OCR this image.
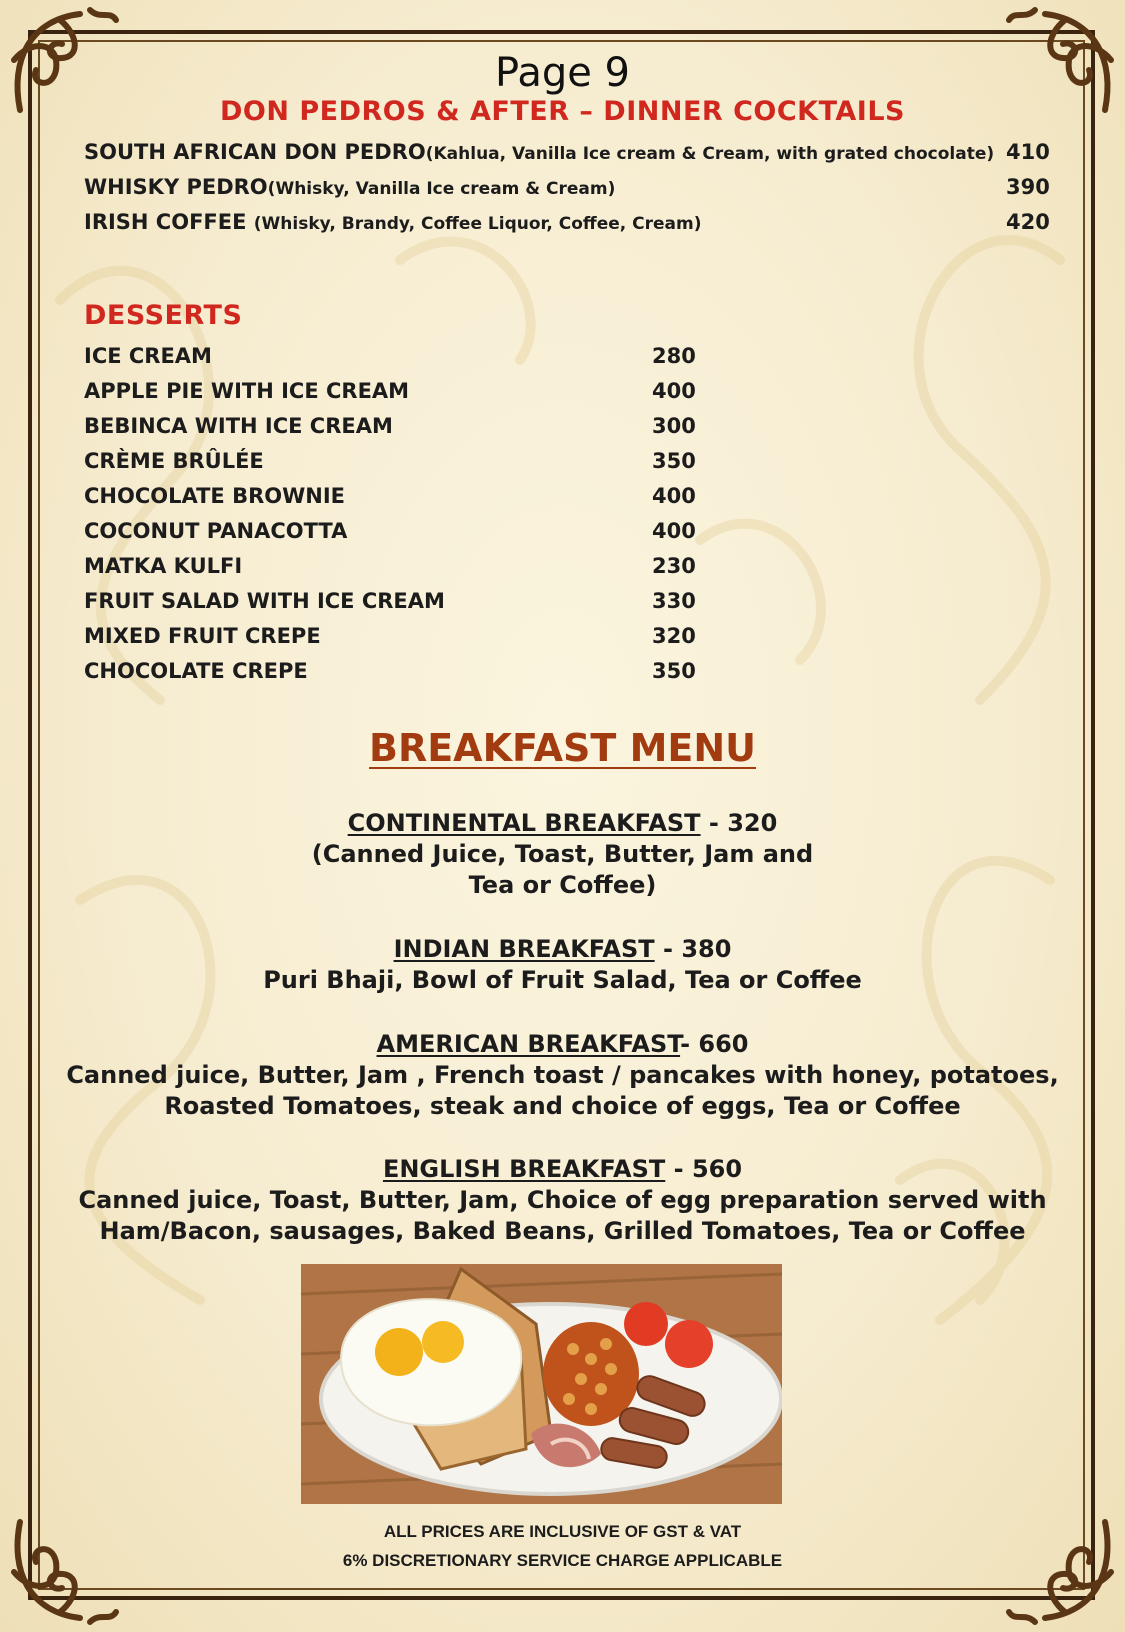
Page 9
DON PEDROS & AFTER – DINNER COCKTAILS
SOUTH AFRICAN DON PEDRO(Kahlua, Vanilla Ice cream & Cream, with grated chocolate) 410
WHISKY PEDRO(Whisky, Vanilla Ice cream & Cream)	390
IRISH COFFEE (Whisky, Brandy, Coffee Liquor, Coffee, Cream)	420
DESSERTS
ICE CREAM	280
APPLE PIE WITH ICE CREAM	400
BEBINCA WITH ICE CREAM	300
CRÈME BRÛLÉE	350
CHOCOLATE BROWNIE	400
COCONUT PANACOTTA	400
MATKA KULFI	230
FRUIT SALAD WITH ICE CREAM	330
MIXED FRUIT CREPE	320
CHOCOLATE CREPE	350
BREAKFAST MENU
CONTINENTAL BREAKFAST - 320
(Canned Juice, Toast, Butter, Jam and
Tea or Coffee)
INDIAN BREAKFAST - 380
Puri Bhaji, Bowl of Fruit Salad, Tea or Coffee
AMERICAN BREAKFAST- 660
Canned juice, Butter, Jam , French toast / pancakes with honey, potatoes,
Roasted Tomatoes, steak and choice of eggs, Tea or Coffee
ENGLISH BREAKFAST - 560
Canned juice, Toast, Butter, Jam, Choice of egg preparation served with
Ham/Bacon, sausages, Baked Beans, Grilled Tomatoes, Tea or Coffee
ALL PRICES ARE INCLUSIVE OF GST & VAT
6% DISCRETIONARY SERVICE CHARGE APPLICABLE
